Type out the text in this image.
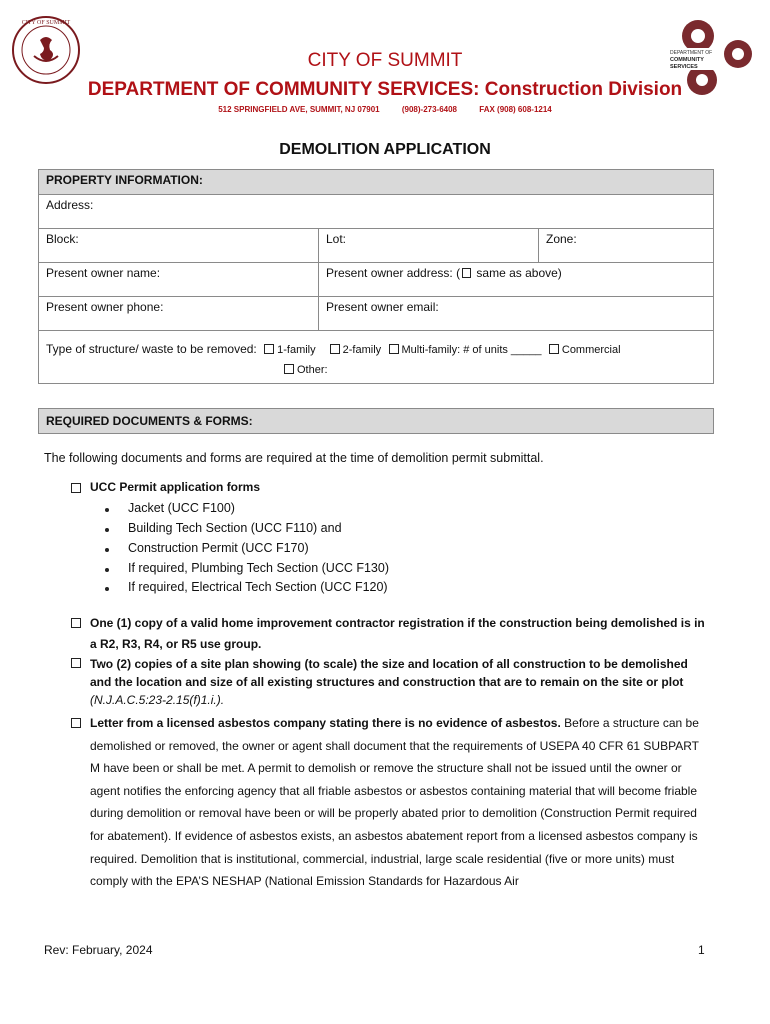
CITY OF SUMMIT
DEPARTMENT OF
COMMUNITY
SERVICES
CITY OF SUMMIT
DEPARTMENT OF COMMUNITY SERVICES: Construction Division
512 SPRINGFIELD AVE, SUMMIT, NJ 07901	(908)-273-6408	FAX (908) 608-1214
DEMOLITION APPLICATION
PROPERTY INFORMATION:		
Address:		
Block:	Lot:	Zone:
Present owner name:	Present owner address: ( same as above)	
Present owner phone:	Present owner email:	
Type of structure/ waste to be removed: 1-family 2-family Multi-family: # of units _____ Commercial
Other:		
REQUIRED DOCUMENTS & FORMS:
The following documents and forms are required at the time of demolition permit submittal.
UCC Permit application forms
Jacket (UCC F100)
Building Tech Section (UCC F110) and
Construction Permit (UCC F170)
If required, Plumbing Tech Section (UCC F130)
If required, Electrical Tech Section (UCC F120)
One (1) copy of a valid home improvement contractor registration if the construction being demolished is in a R2, R3, R4, or R5 use group.
Two (2) copies of a site plan showing (to scale) the size and location of all construction to be demolished and the location and size of all existing structures and construction that are to remain on the site or plot (N.J.A.C.5:23-2.15(f)1.i.).
Letter from a licensed asbestos company stating there is no evidence of asbestos. Before a structure can be demolished or removed, the owner or agent shall document that the requirements of USEPA 40 CFR 61 SUBPART M have been or shall be met. A permit to demolish or remove the structure shall not be issued until the owner or agent notifies the enforcing agency that all friable asbestos or asbestos containing material that will become friable during demolition or removal have been or will be properly abated prior to demolition (Construction Permit required for abatement). If evidence of asbestos exists, an asbestos abatement report from a licensed asbestos company is required. Demolition that is institutional, commercial, industrial, large scale residential (five or more units) must comply with the EPA’S NESHAP (National Emission Standards for Hazardous Air
Rev: February, 2024	1
